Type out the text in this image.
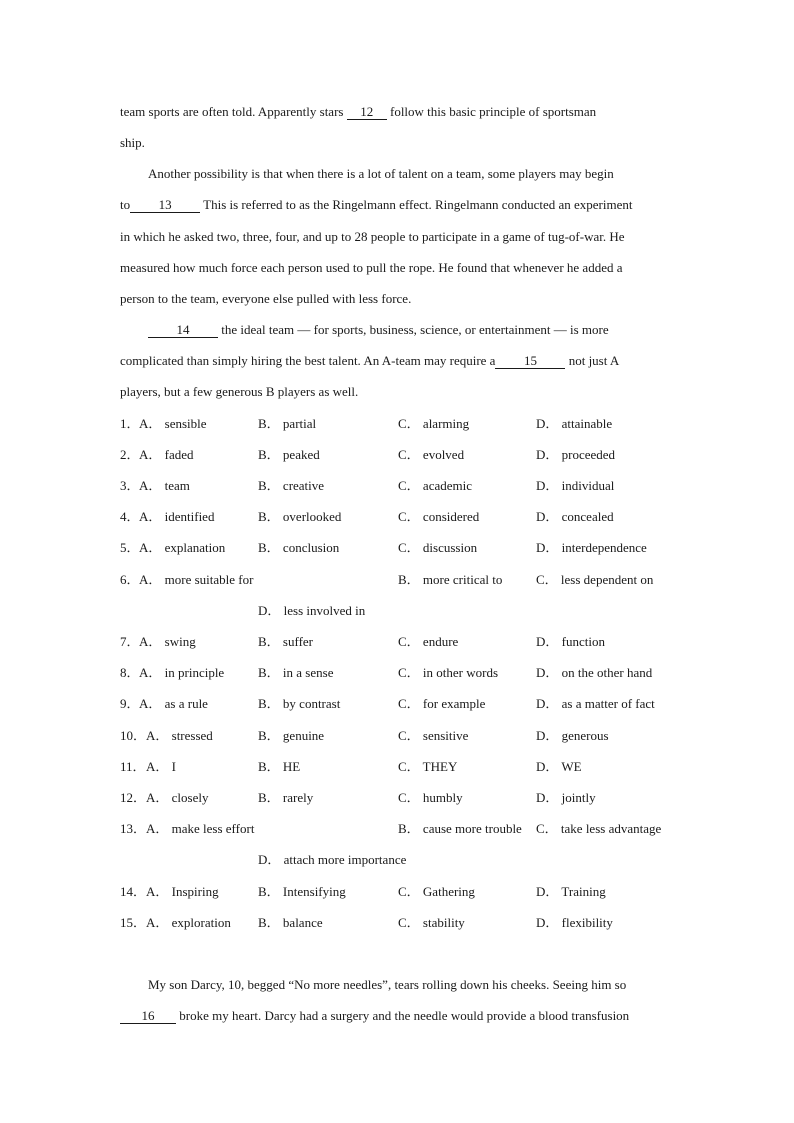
team sports are often told. Apparently stars 12 follow this basic principle of sportsman
ship.
Another possibility is that when there is a lot of talent on a team, some players may begin
to 13 This is referred to as the Ringelmann effect. Ringelmann conducted an experiment
in which he asked two, three, four, and up to 28 people to participate in a game of tug-of-war. He
measured how much force each person used to pull the rope. He found that whenever he added a
person to the team, everyone else pulled with less force.
14 the ideal team — for sports, business, science, or entertainment — is more
complicated than simply hiring the best talent. An A-team may require a 15 not just A
players, but a few generous B players as well.
1． A． sensible	B． partial	C． alarming	D． attainable
2． A． faded	B． peaked	C． evolved	D． proceeded
3． A． team	B． creative	C． academic	D． individual
4． A． identified	B． overlooked	C． considered	D． concealed
5． A． explanation	B． conclusion	C． discussion	D． interdependence
6． A． more suitable for	B． more critical to	C． less dependent on
D． less involved in
7． A． swing	B． suffer	C． endure	D． function
8． A． in principle	B． in a sense	C． in other words	D． on the other hand
9． A． as a rule	B． by contrast	C． for example	D． as a matter of fact
10． A． stressed	B． genuine	C． sensitive	D． generous
11． A． I	B． HE	C． THEY	D． WE
12． A． closely	B． rarely	C． humbly	D． jointly
13． A． make less effort	B． cause more trouble C． take less advantage
D． attach more importance
14． A． Inspiring	B． Intensifying	C． Gathering	D． Training
15． A． exploration B． balance	C． stability	D． flexibility
My son Darcy, 10, begged “No more needles”, tears rolling down his cheeks. Seeing him so
16 broke my heart. Darcy had a surgery and the needle would provide a blood transfusion
